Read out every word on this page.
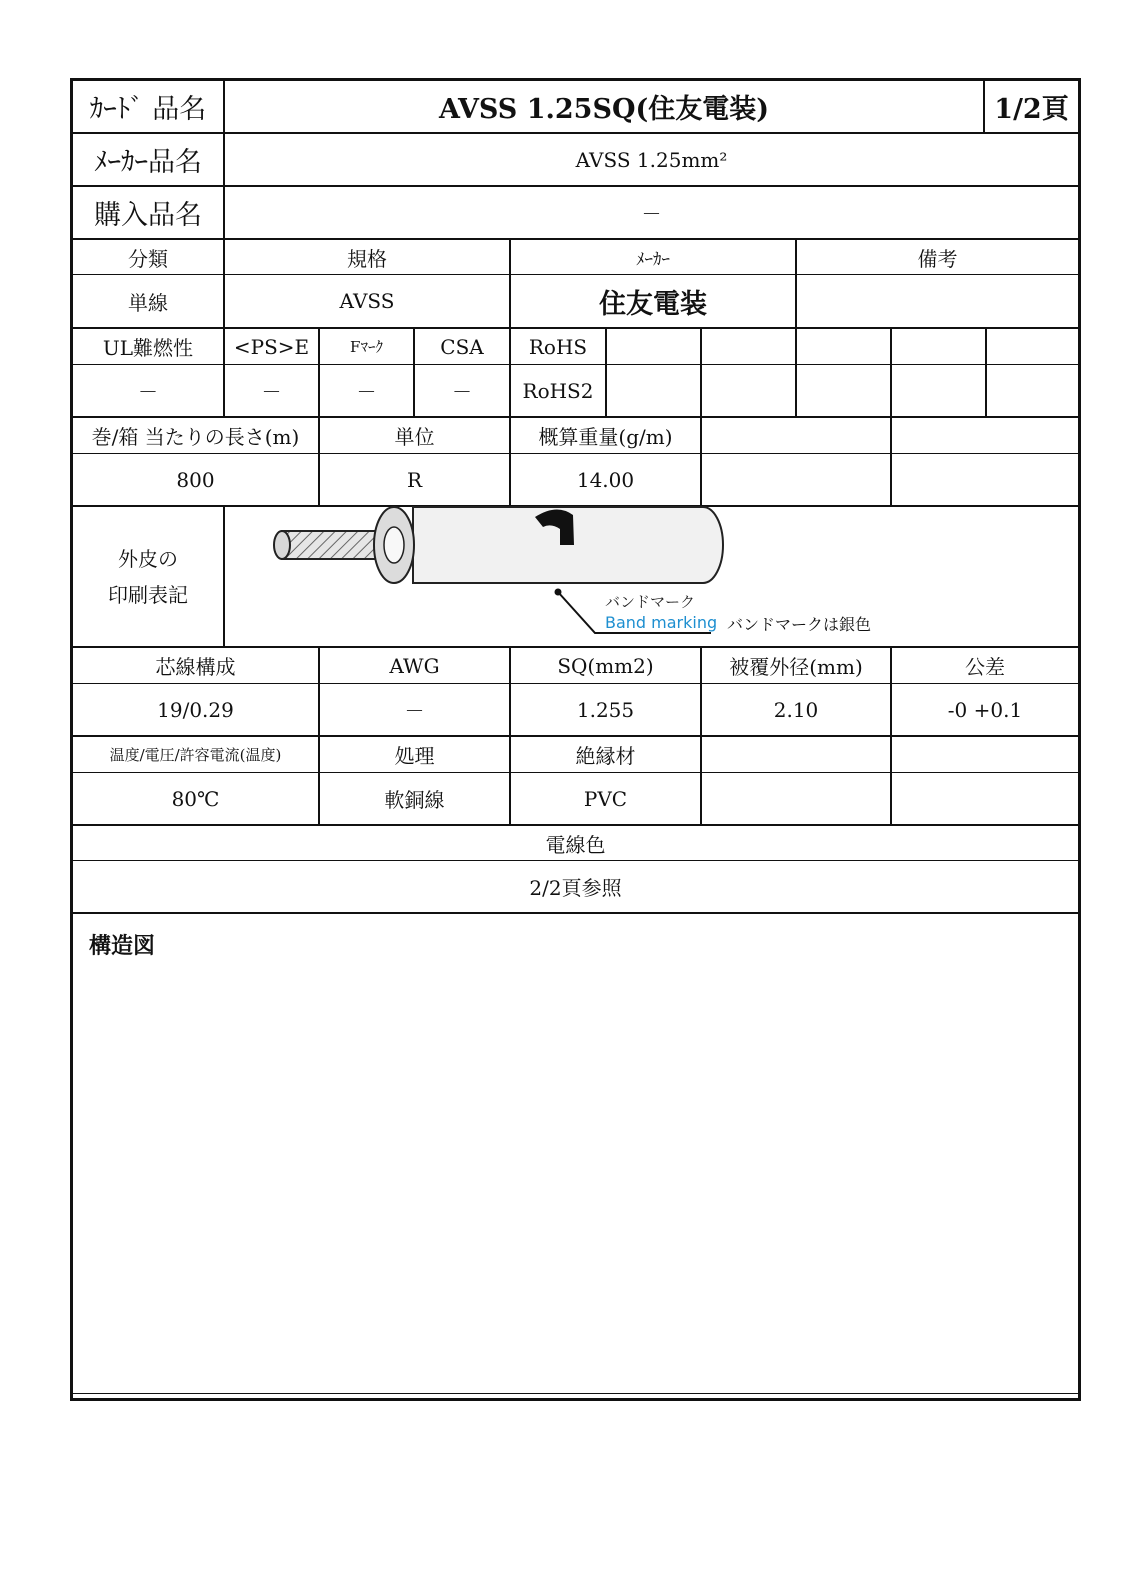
ｶｰﾄﾞ 品名	AVSS 1.25SQ(住友電装)	1/2頁
ﾒｰｶｰ品名	AVSS 1.25mm²
購入品名	－
分類	規格	ﾒｰｶｰ	備考
単線	AVSS	住友電装
UL難燃性	<PS>E	Fﾏｰｸ	CSA	RoHS
－	－	－	－	RoHS2
巻/箱 当たりの長さ(m)	単位	概算重量(g/m)
800	R	14.00
外皮の
印刷表記	バンドマーク
Band marking バンドマークは銀色
芯線構成	AWG	SQ(mm2)	被覆外径(mm)	公差
19/0.29	－	1.255	2.10	-0 +0.1
温度/電圧/許容電流(温度)	処理	絶縁材
80℃	軟銅線	PVC
電線色
2/2頁参照
構造図
